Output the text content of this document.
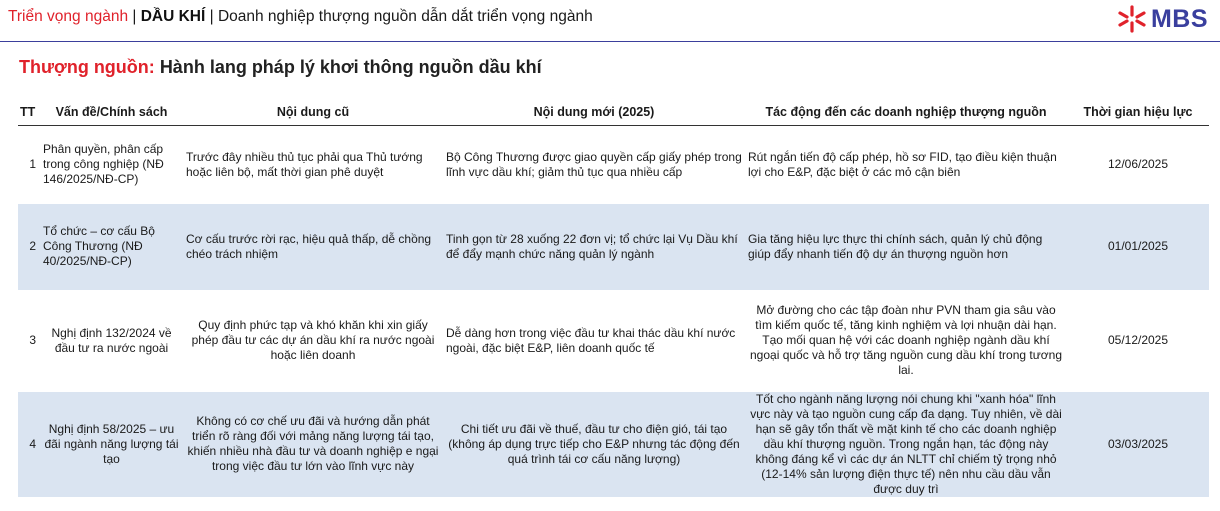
Triển vọng ngành | DẦU KHÍ | Doanh nghiệp thượng nguồn dẫn dắt triển vọng ngành	MBS
Thượng nguồn: Hành lang pháp lý khơi thông nguồn dầu khí
TT	Vấn đề/Chính sách	Nội dung cũ	Nội dung mới (2025)	Tác động đến các doanh nghiệp thượng nguồn	Thời gian hiệu lực
1	Phân quyền, phân cấp trong công nghiệp (NĐ 146/2025/NĐ-CP)	Trước đây nhiều thủ tục phải qua Thủ tướng hoặc liên bộ, mất thời gian phê duyệt	Bộ Công Thương được giao quyền cấp giấy phép trong lĩnh vực dầu khí; giảm thủ tục qua nhiều cấp	Rút ngắn tiến độ cấp phép, hồ sơ FID, tạo điều kiện thuận lợi cho E&P, đặc biệt ở các mỏ cận biên	12/06/2025
2	Tổ chức – cơ cấu Bộ Công Thương (NĐ 40/2025/NĐ-CP)	Cơ cấu trước rời rạc, hiệu quả thấp, dễ chồng chéo trách nhiệm	Tinh gọn từ 28 xuống 22 đơn vị; tổ chức lại Vụ Dầu khí để đẩy mạnh chức năng quản lý ngành	Gia tăng hiệu lực thực thi chính sách, quản lý chủ động giúp đẩy nhanh tiến độ dự án thượng nguồn hơn	01/01/2025
3	Nghị định 132/2024 về đầu tư ra nước ngoài	Quy định phức tạp và khó khăn khi xin giấy phép đầu tư các dự án dầu khí ra nước ngoài hoặc liên doanh	Dễ dàng hơn trong việc đầu tư khai thác dầu khí nước ngoài, đặc biệt E&P, liên doanh quốc tế	Mở đường cho các tập đoàn như PVN tham gia sâu vào tìm kiếm quốc tế, tăng kinh nghiệm và lợi nhuận dài hạn. Tạo mối quan hệ với các doanh nghiệp ngành dầu khí ngoại quốc và hỗ trợ tăng nguồn cung dầu khí trong tương lai.	05/12/2025
4	Nghị định 58/2025 – ưu đãi ngành năng lượng tái tạo	Không có cơ chế ưu đãi và hướng dẫn phát triển rõ ràng đối với mảng năng lượng tái tạo, khiến nhiều nhà đầu tư và doanh nghiệp e ngại trong việc đầu tư lớn vào lĩnh vực này	Chi tiết ưu đãi về thuế, đầu tư cho điện gió, tái tạo (không áp dụng trực tiếp cho E&P nhưng tác động đến quá trình tái cơ cấu năng lượng)	Tốt cho ngành năng lượng nói chung khi "xanh hóa" lĩnh vực này và tạo nguồn cung cấp đa dạng. Tuy nhiên, về dài hạn sẽ gây tổn thất về mặt kinh tế cho các doanh nghiệp dầu khí thượng nguồn. Trong ngắn hạn, tác động này không đáng kể vì các dự án NLTT chỉ chiếm tỷ trọng nhỏ (12-14% sản lượng điện thực tế) nên nhu cầu dầu vẫn được duy trì	03/03/2025
